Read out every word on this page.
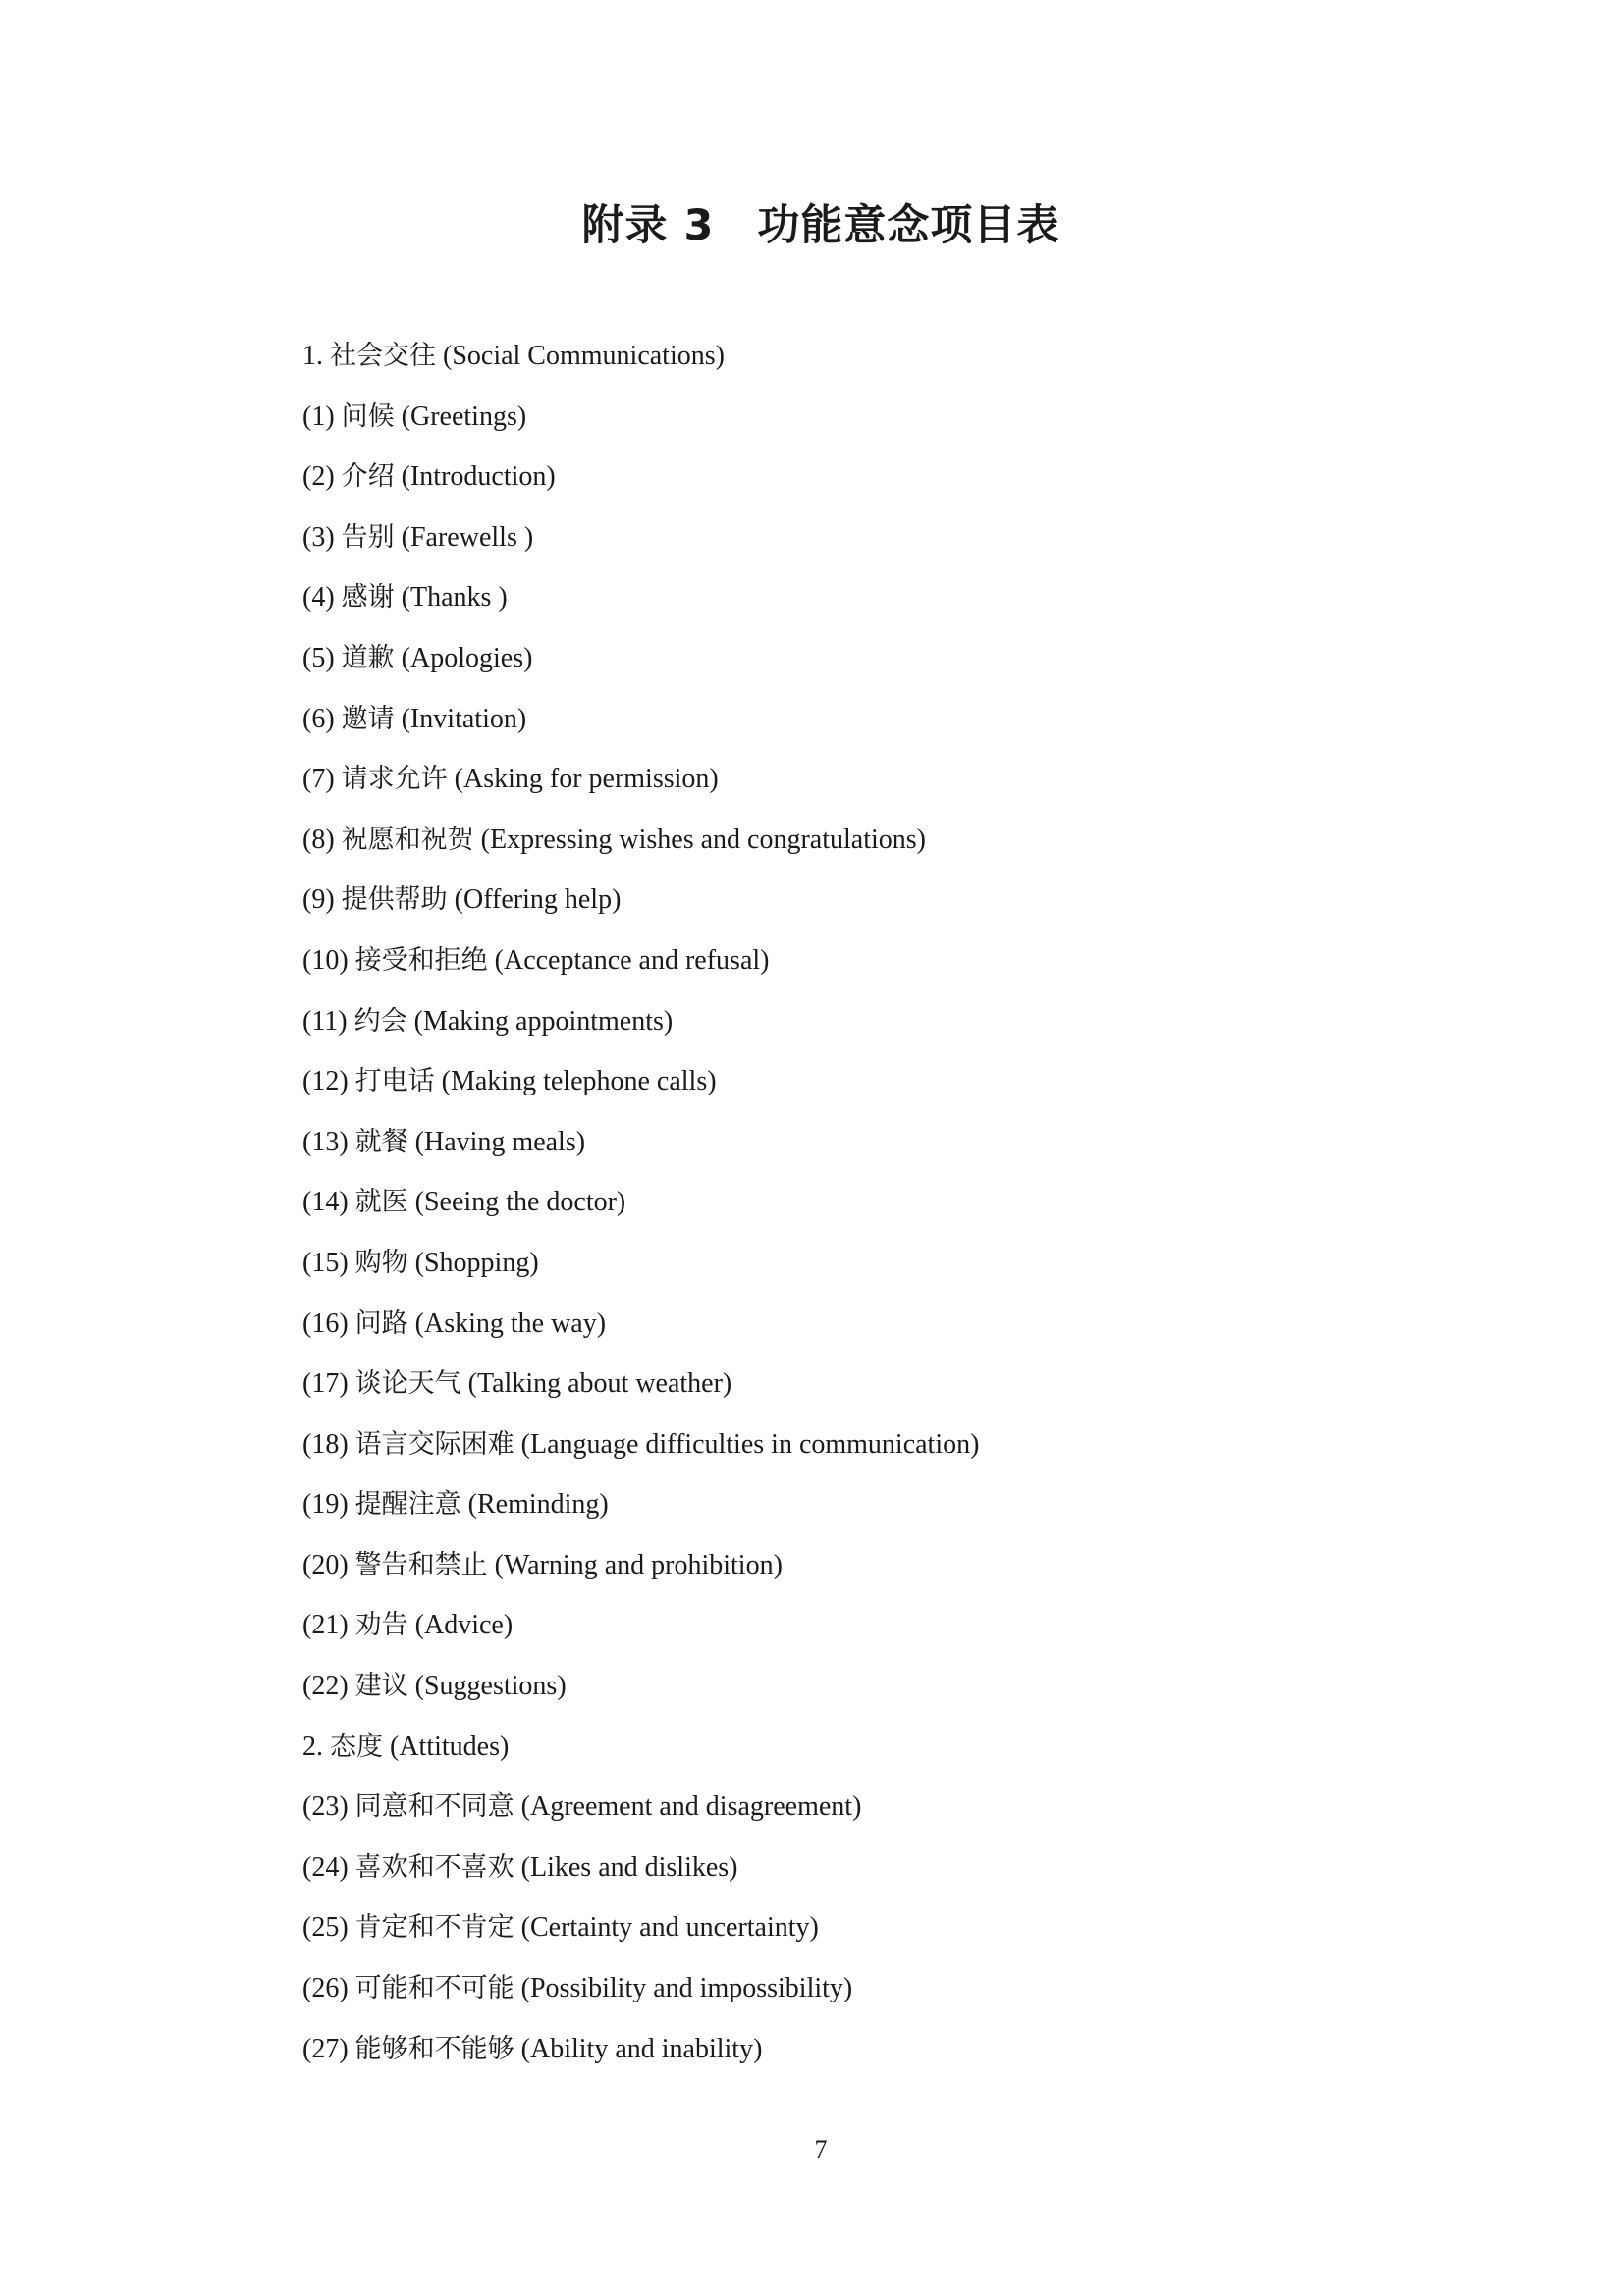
附录 3　功能意念项目表
1. 社会交往 (Social Communications)
(1) 问候 (Greetings)
(2) 介绍 (Introduction)
(3) 告别 (Farewells )
(4) 感谢 (Thanks )
(5) 道歉 (Apologies)
(6) 邀请 (Invitation)
(7) 请求允许 (Asking for permission)
(8) 祝愿和祝贺 (Expressing wishes and congratulations)
(9) 提供帮助 (Offering help)
(10) 接受和拒绝 (Acceptance and refusal)
(11) 约会 (Making appointments)
(12) 打电话 (Making telephone calls)
(13) 就餐 (Having meals)
(14) 就医 (Seeing the doctor)
(15) 购物 (Shopping)
(16) 问路 (Asking the way)
(17) 谈论天气 (Talking about weather)
(18) 语言交际困难 (Language difficulties in communication)
(19) 提醒注意 (Reminding)
(20) 警告和禁止 (Warning and prohibition)
(21) 劝告 (Advice)
(22) 建议 (Suggestions)
2. 态度 (Attitudes)
(23) 同意和不同意 (Agreement and disagreement)
(24) 喜欢和不喜欢 (Likes and dislikes)
(25) 肯定和不肯定 (Certainty and uncertainty)
(26) 可能和不可能 (Possibility and impossibility)
(27) 能够和不能够 (Ability and inability)
7
